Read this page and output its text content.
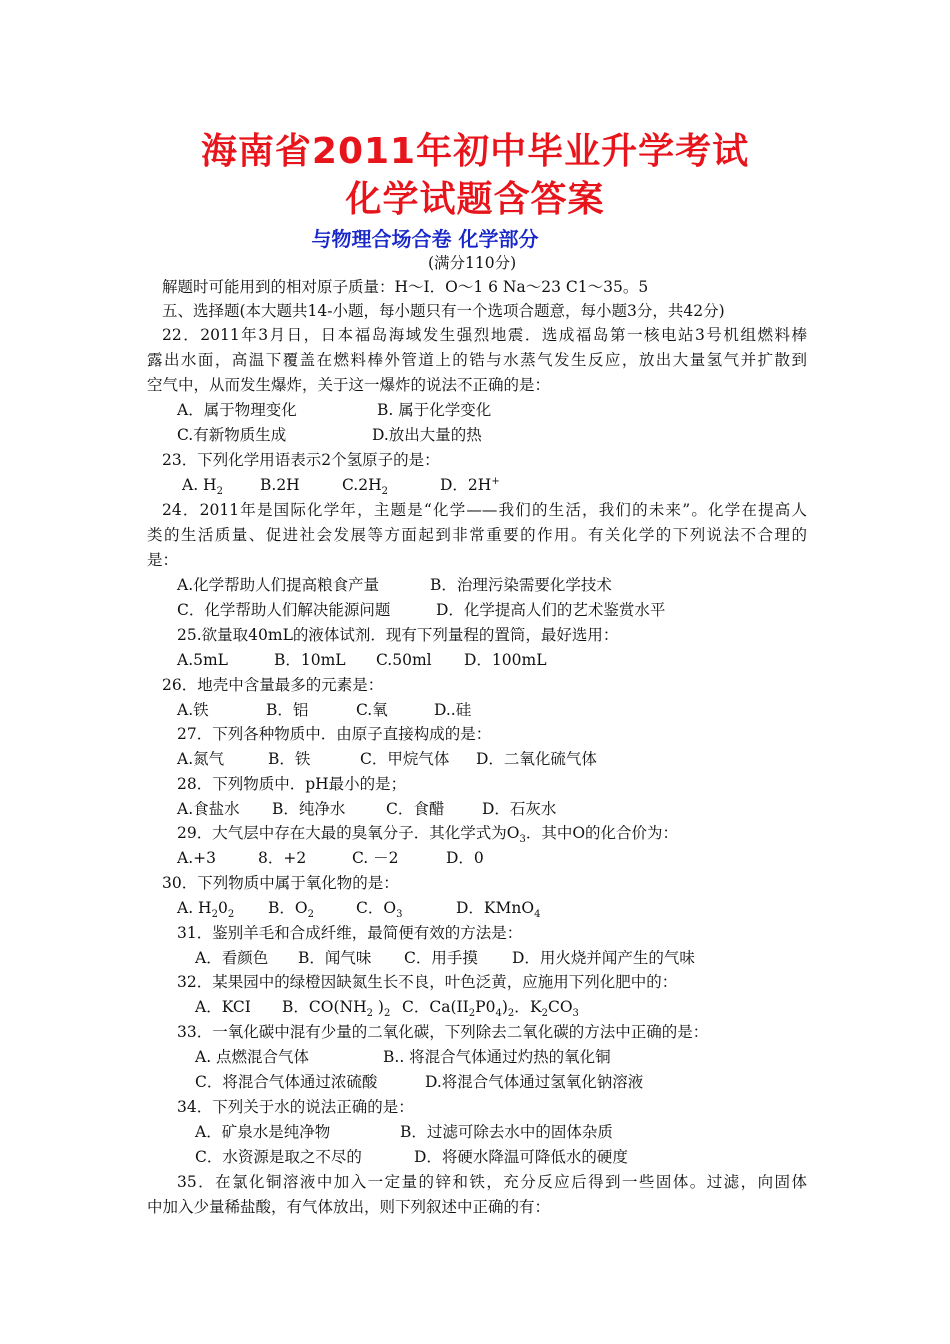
海南省2011年初中毕业升学考试
化学试题含答案
与物理合场合卷 化学部分
(满分110分)
解题时可能用到的相对原子质量：H～I．O～1 6 Na～23 C1～35。5
五、选择题(本大题共14-小题，每小题只有一个选项合题意，每小题3分，共42分)
22．2011年3月日，日本福岛海域发生强烈地震．选成福岛第一核电站3号机组燃料棒
露出水面，高温下覆盖在燃料棒外管道上的锆与水蒸气发生反应，放出大量氢气并扩散到
空气中，从而发生爆炸，关于这一爆炸的说法不正确的是：
A．属于物理变化	B. 属于化学变化
C.有新物质生成	D.放出大量的热
23．下列化学用语表示2个氢原子的是：
A. $H_2$ B.2H	$C.2H_2$	D．2H+
24．2011年是国际化学年，主题是“化学——我们的生活，我们的未来”。化学在提高人
类的生活质量、促进社会发展等方面起到非常重要的作用。有关化学的下列说法不合理的
是：
A.化学帮助人们提高粮食产量	B．治理污染需要化学技术
C．化学帮助人们解决能源问题	D．化学提高人们的艺术鉴赏水平
25.欲量取40mL的液体试剂．现有下列量程的置筒，最好选用：
A.5mL	B．10mL C.50ml D．100mL
26．地壳中含量最多的元素是：
A.铁	B．铝	C.氧	D..硅
27．下列各种物质中．由原子直接构成的是：
A.氮气	B．铁	C．甲烷气体 D．二氧化硫气体
28．下列物质中．pH最小的是；
A.食盐水 B．纯净水	C．食醋 D．石灰水
29．大气层中存在大最的臭氧分子．其化学式为$O_3$．其中O的化合价为：
A.+3	8．+2	C. －2	D．0
30．下列物质中属于氧化物的是：
A. $H_20_2$ B．$O_2$	C．$O_3$	D．KMnO$_4$
31．鉴别羊毛和合成纤维，最简便有效的方法是：
A．看颜色 B．闻气味 C．用手摸 D．用火烧并闻产生的气味
32．某果园中的绿橙因缺氮生长不良，叶色泛黄，应施用下列化肥中的：
A．KCI B．$CO(NH_2$ )$_2$ C．$Ca(II_2P0_4)_2$． $K_2CO_3$
33．一氧化碳中混有少量的二氧化碳，下列除去二氧化碳的方法中正确的是：
A. 点燃混合气体	B.. 将混合气体通过灼热的氧化铜
C．将混合气体通过浓硫酸	D.将混合气体通过氢氧化钠溶液
34．下列关于水的说法正确的是：
A．矿泉水是纯净物	B．过滤可除去水中的固体杂质
C．水资源是取之不尽的	D．将硬水降温可降低水的硬度
35．在氯化铜溶液中加入一定量的锌和铁，充分反应后得到一些固体。过滤，向固体
中加入少量稀盐酸，有气体放出，则下列叙述中正确的有：
